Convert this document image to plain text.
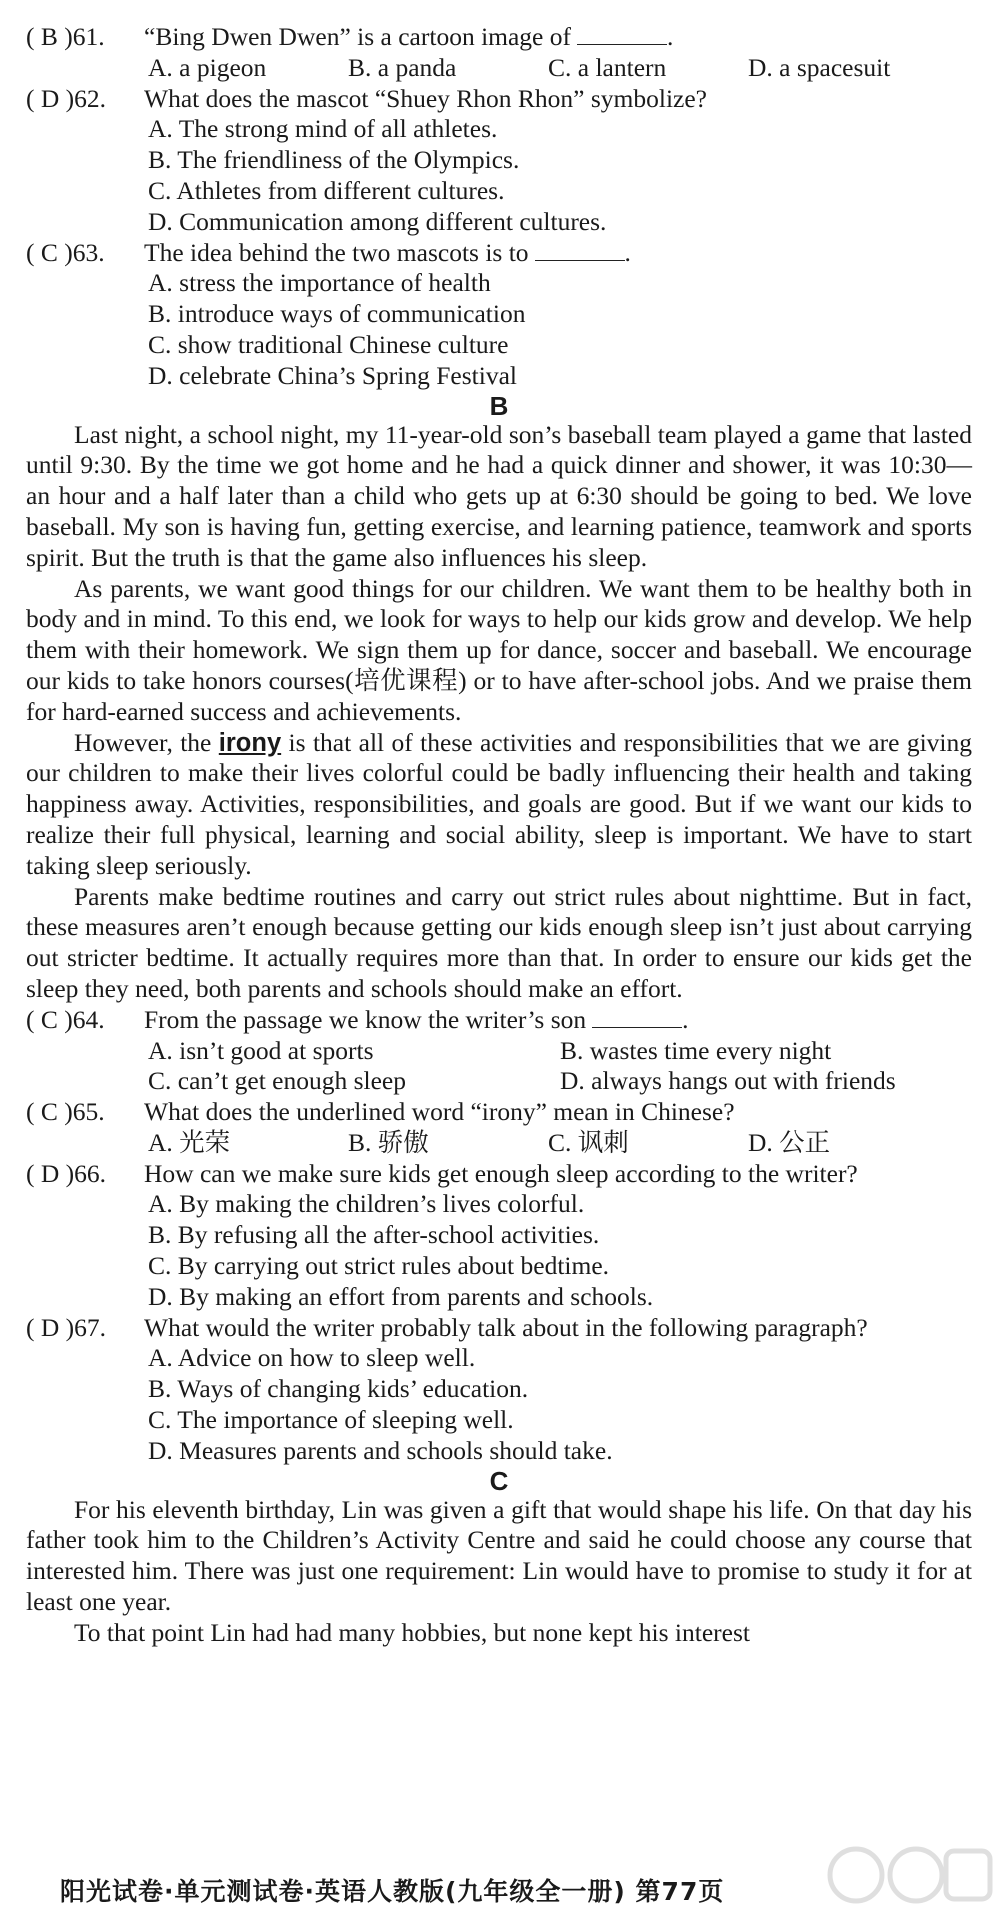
( B )61. “Bing Dwen Dwen” is a cartoon image of	.
A. a pigeon	B. a panda	C. a lantern	D. a spacesuit
( D )62. What does the mascot “Shuey Rhon Rhon” symbolize?
A. The strong mind of all athletes.
B. The friendliness of the Olympics.
C. Athletes from different cultures.
D. Communication among different cultures.
( C )63. The idea behind the two mascots is to	.
A. stress the importance of health
B. introduce ways of communication
C. show traditional Chinese culture
D. celebrate China’s Spring Festival
B

Last night, a school night, my 11-year-old son’s baseball team played a game that lasted until 9:30. By the time we got home and he had a quick dinner and shower, it was 10:30—an hour and a half later than a child who gets up at 6:30 should be going to bed. We love baseball. My son is having fun, getting exercise, and learning patience, teamwork and sports spirit. But the truth is that the game also influences his sleep.

As parents, we want good things for our children. We want them to be healthy both in body and in mind. To this end, we look for ways to help our kids grow and develop. We help them with their homework. We sign them up for dance, soccer and baseball. We encourage our kids to take honors courses(培优课程) or to have after-school jobs. And we praise them for hard-earned success and achievements.

However, the irony is that all of these activities and responsibilities that we are giving our children to make their lives colorful could be badly influencing their health and taking happiness away. Activities, responsibilities, and goals are good. But if we want our kids to realize their full physical, learning and social ability, sleep is important. We have to start taking sleep seriously.

Parents make bedtime routines and carry out strict rules about nighttime. But in fact, these measures aren’t enough because getting our kids enough sleep isn’t just about carrying out stricter bedtime. It actually requires more than that. In order to ensure our kids get the sleep they need, both parents and schools should make an effort.

( C )64. From the passage we know the writer’s son	.
A. isn’t good at sports	B. wastes time every night
C. can’t get enough sleep	D. always hangs out with friends
( C )65. What does the underlined word “irony” mean in Chinese?
A. 光荣	B. 骄傲	C. 讽刺	D. 公正
( D )66. How can we make sure kids get enough sleep according to the writer?
A. By making the children’s lives colorful.
B. By refusing all the after-school activities.
C. By carrying out strict rules about bedtime.
D. By making an effort from parents and schools.
( D )67. What would the writer probably talk about in the following paragraph?
A. Advice on how to sleep well.
B. Ways of changing kids’ education.
C. The importance of sleeping well.
D. Measures parents and schools should take.
C

For his eleventh birthday, Lin was given a gift that would shape his life. On that day his father took him to the Children’s Activity Centre and said he could choose any course that interested him. There was just one requirement: Lin would have to promise to study it for at least one year.

To that point Lin had had many hobbies, but none kept his interest

阳光试卷·单元测试卷·英语人教版(九年级全一册) 第77页
